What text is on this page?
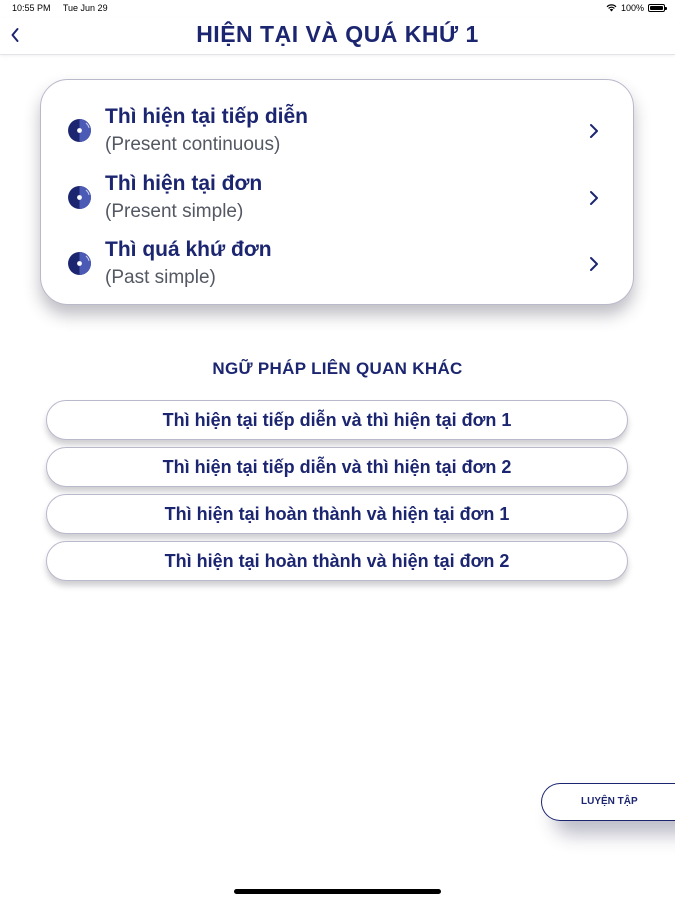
10:55 PM Tue Jun 29	100%
HIỆN TẠI VÀ QUÁ KHỨ 1
Thì hiện tại tiếp diễn
(Present continuous)
Thì hiện tại đơn
(Present simple)
Thì quá khứ đơn
(Past simple)
NGỮ PHÁP LIÊN QUAN KHÁC
Thì hiện tại tiếp diễn và thì hiện tại đơn 1
Thì hiện tại tiếp diễn và thì hiện tại đơn 2
Thì hiện tại hoàn thành và hiện tại đơn 1
Thì hiện tại hoàn thành và hiện tại đơn 2
LUYỆN TẬP
